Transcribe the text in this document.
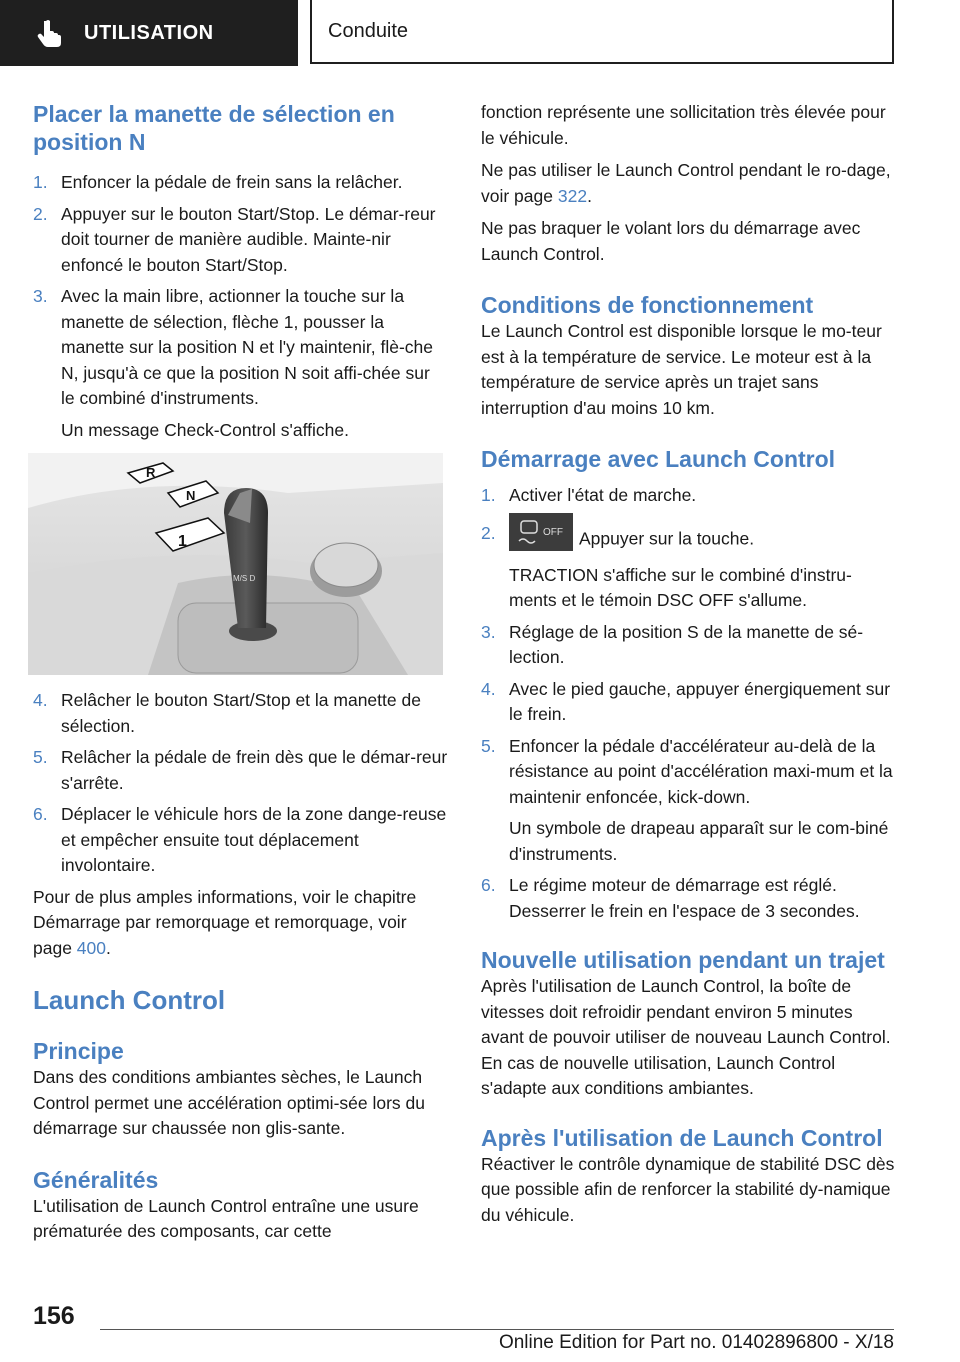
UTILISATION	Conduite
Placer la manette de sélection en position N
1. Enfoncer la pédale de frein sans la relâcher.
2. Appuyer sur le bouton Start/Stop. Le démar-reur doit tourner de manière audible. Mainte-nir enfoncé le bouton Start/Stop.
3. Avec la main libre, actionner la touche sur la manette de sélection, flèche 1, pousser la manette sur la position N et l'y maintenir, flè-che N, jusqu'à ce que la position N soit affi-chée sur le combiné d'instruments.
Un message Check-Control s'affiche.
M/S D
R
N
1
4. Relâcher le bouton Start/Stop et la manette de sélection.
5. Relâcher la pédale de frein dès que le démar-reur s'arrête.
6. Déplacer le véhicule hors de la zone dange-reuse et empêcher ensuite tout déplacement involontaire.

Pour de plus amples informations, voir le chapitre Démarrage par remorquage et remorquage, voir page 400.

Launch Control
Principe

Dans des conditions ambiantes sèches, le Launch Control permet une accélération optimi-sée lors du démarrage sur chaussée non glis-sante.

Généralités

L'utilisation de Launch Control entraîne une usure prématurée des composants, car cette

fonction représente une sollicitation très élevée pour le véhicule.

Ne pas utiliser le Launch Control pendant le ro-dage, voir page 322.

Ne pas braquer le volant lors du démarrage avec Launch Control.

Conditions de fonctionnement

Le Launch Control est disponible lorsque le mo-teur est à la température de service. Le moteur est à la température de service après un trajet sans interruption d'au moins 10 km.

Démarrage avec Launch Control
1. Activer l'état de marche.
2.	OFF Appuyer sur la touche.
TRACTION s'affiche sur le combiné d'instru-ments et le témoin DSC OFF s'allume.
3. Réglage de la position S de la manette de sé-lection.
4. Avec le pied gauche, appuyer énergiquement sur le frein.
5. Enfoncer la pédale d'accélérateur au-delà de la résistance au point d'accélération maxi-mum et la maintenir enfoncée, kick-down.
Un symbole de drapeau apparaît sur le com-biné d'instruments.
6. Le régime moteur de démarrage est réglé. Desserrer le frein en l'espace de 3 secondes.
Nouvelle utilisation pendant un trajet

Après l'utilisation de Launch Control, la boîte de vitesses doit refroidir pendant environ 5 minutes avant de pouvoir utiliser de nouveau Launch Control. En cas de nouvelle utilisation, Launch Control s'adapte aux conditions ambiantes.

Après l'utilisation de Launch Control

Réactiver le contrôle dynamique de stabilité DSC dès que possible afin de renforcer la stabilité dy-namique du véhicule.

156
Online Edition for Part no. 01402896800 - X/18
